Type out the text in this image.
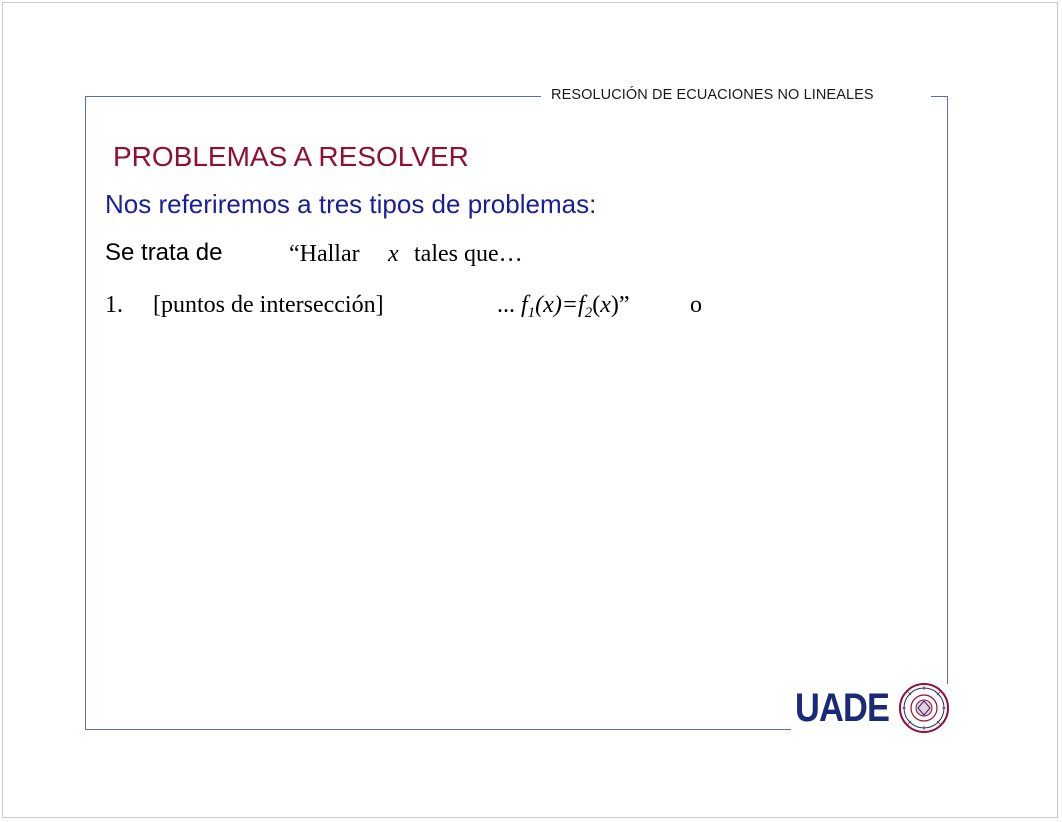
RESOLUCIÓN DE ECUACIONES NO LINEALES
PROBLEMAS A RESOLVER
Nos referiremos a tres tipos de problemas:
Se trata de	“Hallar x tales que…
1. [puntos de intersección]	... $f_1(x)=f_2(x)$”	o
UADE
